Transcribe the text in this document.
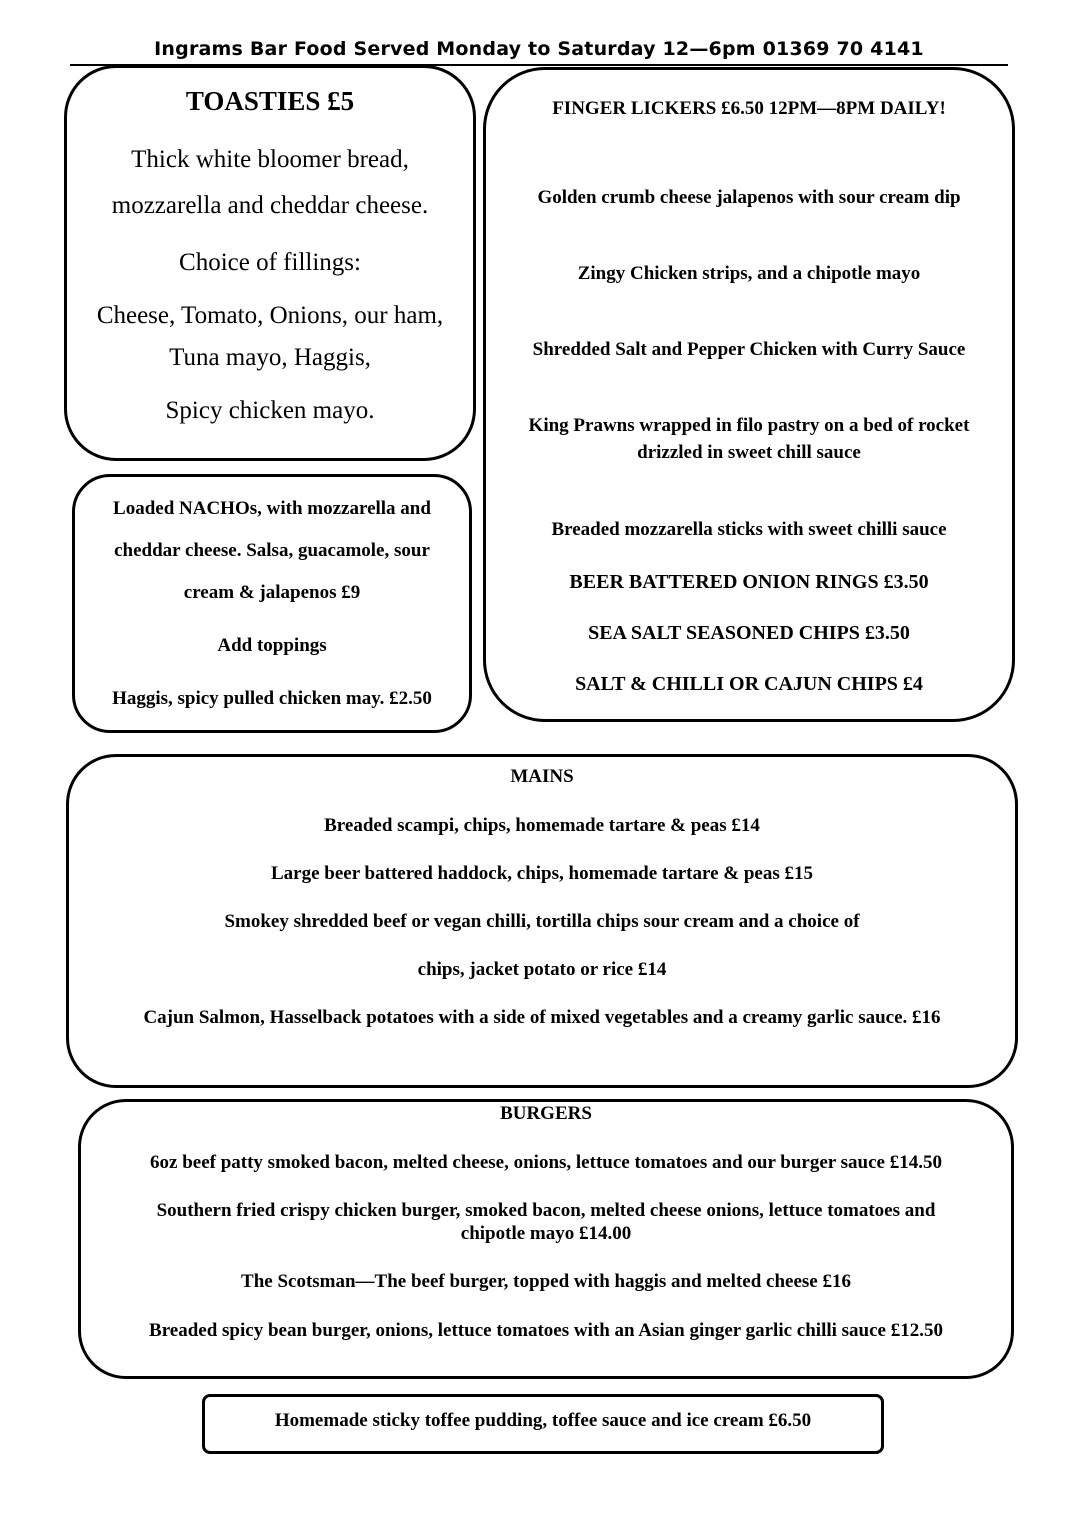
Ingrams Bar Food Served Monday to Saturday 12—6pm 01369 70 4141
TOASTIES £5
Thick white bloomer bread,
mozzarella and cheddar cheese.
Choice of fillings:
Cheese, Tomato, Onions, our ham,
Tuna mayo, Haggis,
Spicy chicken mayo.
Loaded NACHOs, with mozzarella and
cheddar cheese. Salsa, guacamole, sour
cream & jalapenos £9
Add toppings
Haggis, spicy pulled chicken may. £2.50
FINGER LICKERS £6.50 12PM—8PM DAILY!
Golden crumb cheese jalapenos with sour cream dip
Zingy Chicken strips, and a chipotle mayo
Shredded Salt and Pepper Chicken with Curry Sauce
King Prawns wrapped in filo pastry on a bed of rocket
drizzled in sweet chill sauce
Breaded mozzarella sticks with sweet chilli sauce
BEER BATTERED ONION RINGS £3.50
SEA SALT SEASONED CHIPS £3.50
SALT & CHILLI OR CAJUN CHIPS £4
MAINS
Breaded scampi, chips, homemade tartare & peas £14
Large beer battered haddock, chips, homemade tartare & peas £15
Smokey shredded beef or vegan chilli, tortilla chips sour cream and a choice of
chips, jacket potato or rice £14
Cajun Salmon, Hasselback potatoes with a side of mixed vegetables and a creamy garlic sauce. £16
BURGERS
6oz beef patty smoked bacon, melted cheese, onions, lettuce tomatoes and our burger sauce £14.50
Southern fried crispy chicken burger, smoked bacon, melted cheese onions, lettuce tomatoes and
chipotle mayo £14.00
The Scotsman—The beef burger, topped with haggis and melted cheese £16
Breaded spicy bean burger, onions, lettuce tomatoes with an Asian ginger garlic chilli sauce £12.50
Homemade sticky toffee pudding, toffee sauce and ice cream £6.50
